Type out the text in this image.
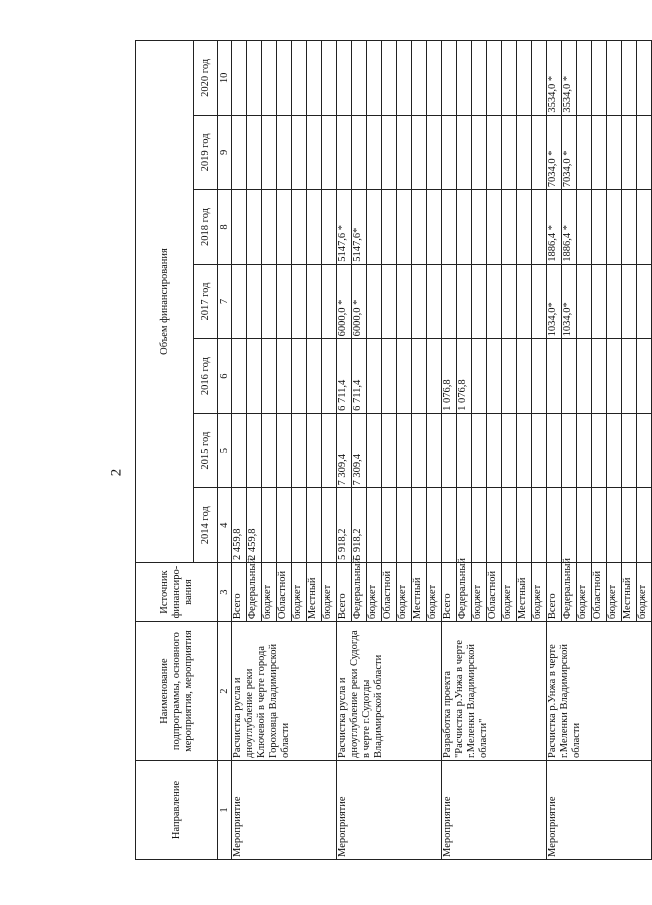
2
Направление	Наименование подпрограммы, основного мероприятия, мероприятия	Источник финансиро-вания	Объем финансирования						
			2014 год	2015 год	2016 год	2017 год	2018 год	2019 год	2020 год
1	2	3	4	5	6	7	8	9	10
Мероприятие	Расчистка русла и дноуглубление реки Ключевой в черте города Гороховца Владимирской области	Всего	2 459,8						
		Федеральный	2 459,8						
		бюджет							
		Областной							
		бюджет							
		Местный							
		бюджет							
Мероприятие	Расчистка русла и дноуглубление реки Судогда в черте г.Судогды Владимирской области	Всего	5 918,2	7 309,4	6 711,4	6000,0 *	5147,6 *		
		Федеральный	5 918,2	7 309,4	6 711,4	6000,0 *	5147,6*		
		бюджет							
		Областной							
		бюджет							
		Местный							
		бюджет							
Мероприятие	Разработка проекта "Расчистка р.Унжа в черте г.Меленки Владимирской области"	Всего			1 076,8				
		Федеральный			1 076,8				
		бюджет							
		Областной							
		бюджет							
		Местный							
		бюджет							
Мероприятие	Расчистка р.Унжа в черте г.Меленки Владимирской области	Всего				1034,0*	1886,4 *	7034,0 *	3534,0 *
		Федеральный				1034,0*	1886,4 *	7034,0 *	3534,0 *
		бюджет							
		Областной							
		бюджет							
		Местный							
		бюджет							
